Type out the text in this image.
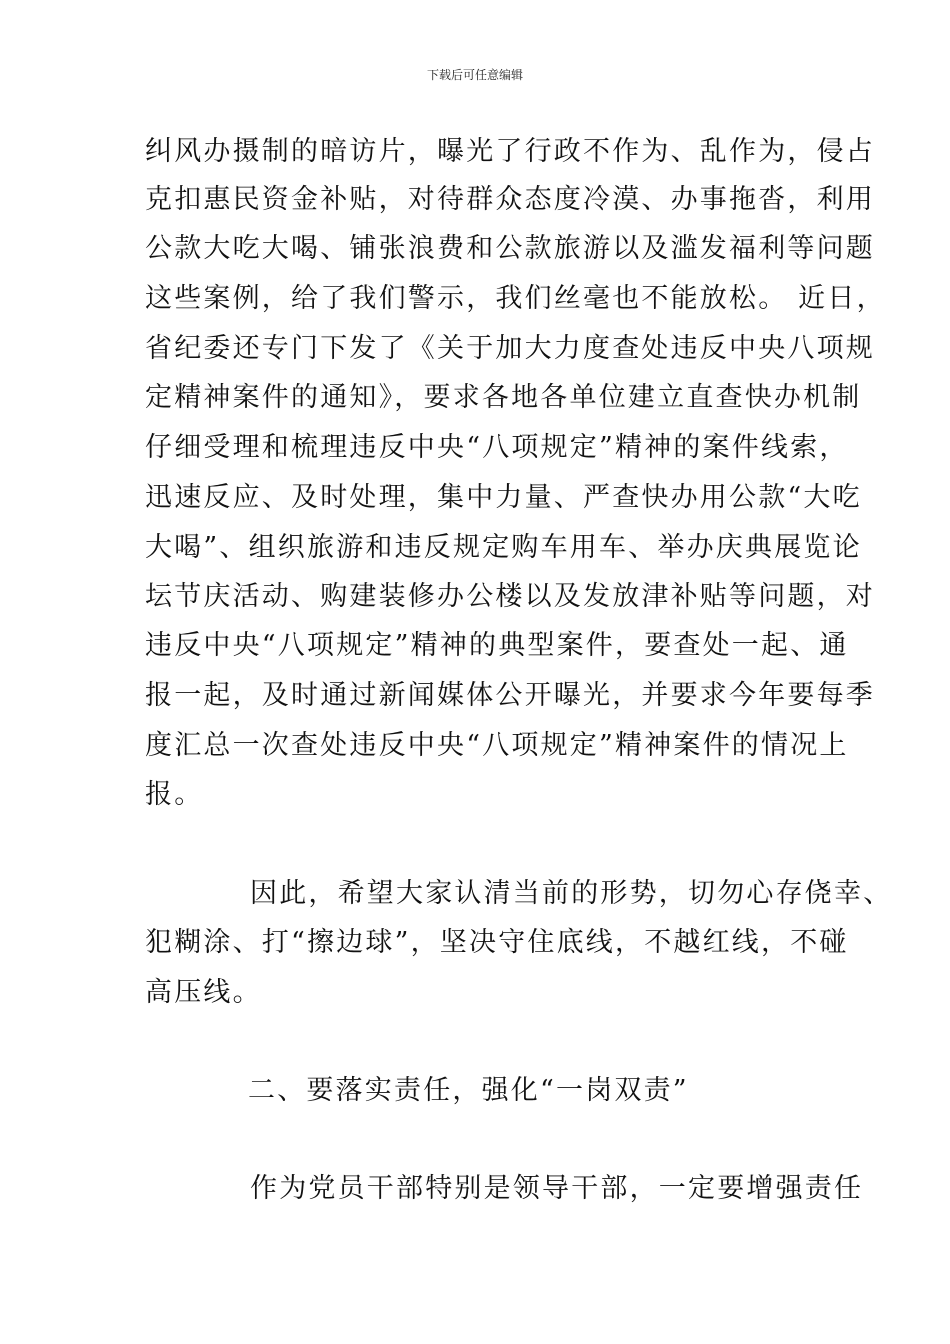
下载后可任意编辑
纠风办摄制的暗访片，曝光了行政不作为、乱作为，侵占
克扣惠民资金补贴，对待群众态度冷漠、办事拖沓，利用
公款大吃大喝、铺张浪费和公款旅游以及滥发福利等问题
这些案例，给了我们警示，我们丝毫也不能放松。 近日，
省纪委还专门下发了《关于加大力度查处违反中央八项规
定精神案件的通知》，要求各地各单位建立直查快办机制
仔细受理和梳理违反中央“八项规定”精神的案件线索，
迅速反应、及时处理，集中力量、严查快办用公款“大吃
大喝”、组织旅游和违反规定购车用车、举办庆典展览论
坛节庆活动、购建装修办公楼以及发放津补贴等问题，对
违反中央“八项规定”精神的典型案件，要查处一起、通
报一起，及时通过新闻媒体公开曝光，并要求今年要每季
度汇总一次查处违反中央“八项规定”精神案件的情况上
报。
因此，希望大家认清当前的形势，切勿心存侥幸、
犯糊涂、打“擦边球”，坚决守住底线，不越红线，不碰
高压线。
二、要落实责任，强化“一岗双责”
作为党员干部特别是领导干部，一定要增强责任
